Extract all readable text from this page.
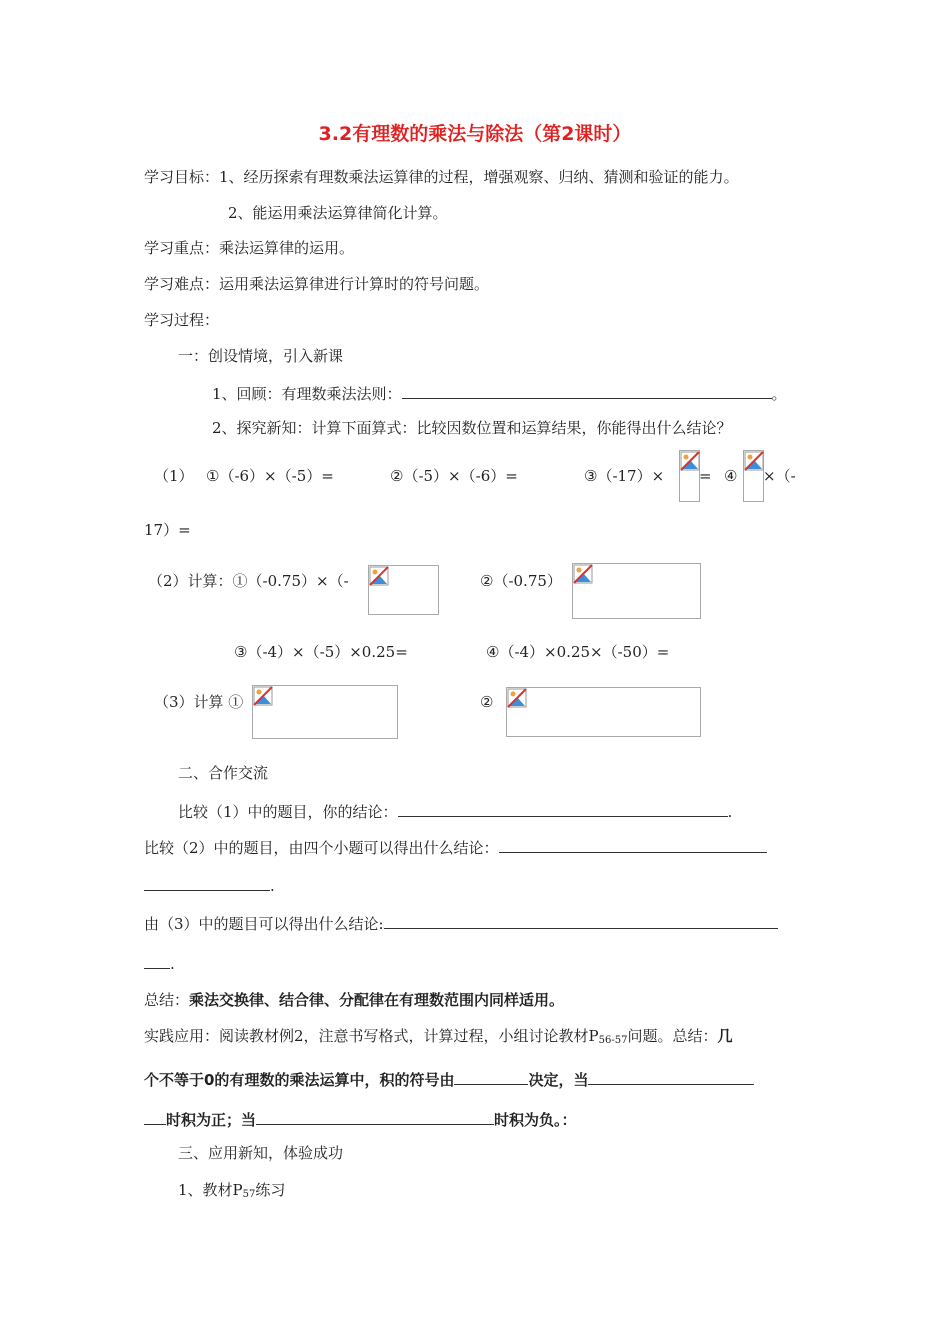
3.2有理数的乘法与除法（第2课时）
学习目标：1、经历探索有理数乘法运算律的过程，增强观察、归纳、猜测和验证的能力。
2、能运用乘法运算律简化计算。
学习重点：乘法运算律的运用。
学习难点：运用乘法运算律进行计算时的符号问题。
学习过程：
一：创设情境，引入新课
1、回顾：有理数乘法法则：	。
2、探究新知：计算下面算式：比较因数位置和运算结果，你能得出什么结论？
（1） ①（-6）×（-5）=	②（-5）×（-6）=	③（-17）× = ④ ×（-
17）=
（2）计算：①（-0.75）×（-	②（-0.75）
③（-4）×（-5）×0.25=	④（-4）×0.25×（-50）=
（3）计算 ①	②
二、合作交流
比较（1）中的题目，你的结论：	.
比较（2）中的题目，由四个小题可以得出什么结论：
.
由（3）中的题目可以得出什么结论:
.
总结：乘法交换律、结合律、分配律在有理数范围内同样适用。
实践应用：阅读教材例2，注意书写格式，计算过程，小组讨论教材$P_{56-57}$问题。总结：几
个不等于0的有理数的乘法运算中，积的符号由	决定，当
时积为正；当	时积为负。：
三、应用新知，体验成功
1、教材$P_{57}$练习
